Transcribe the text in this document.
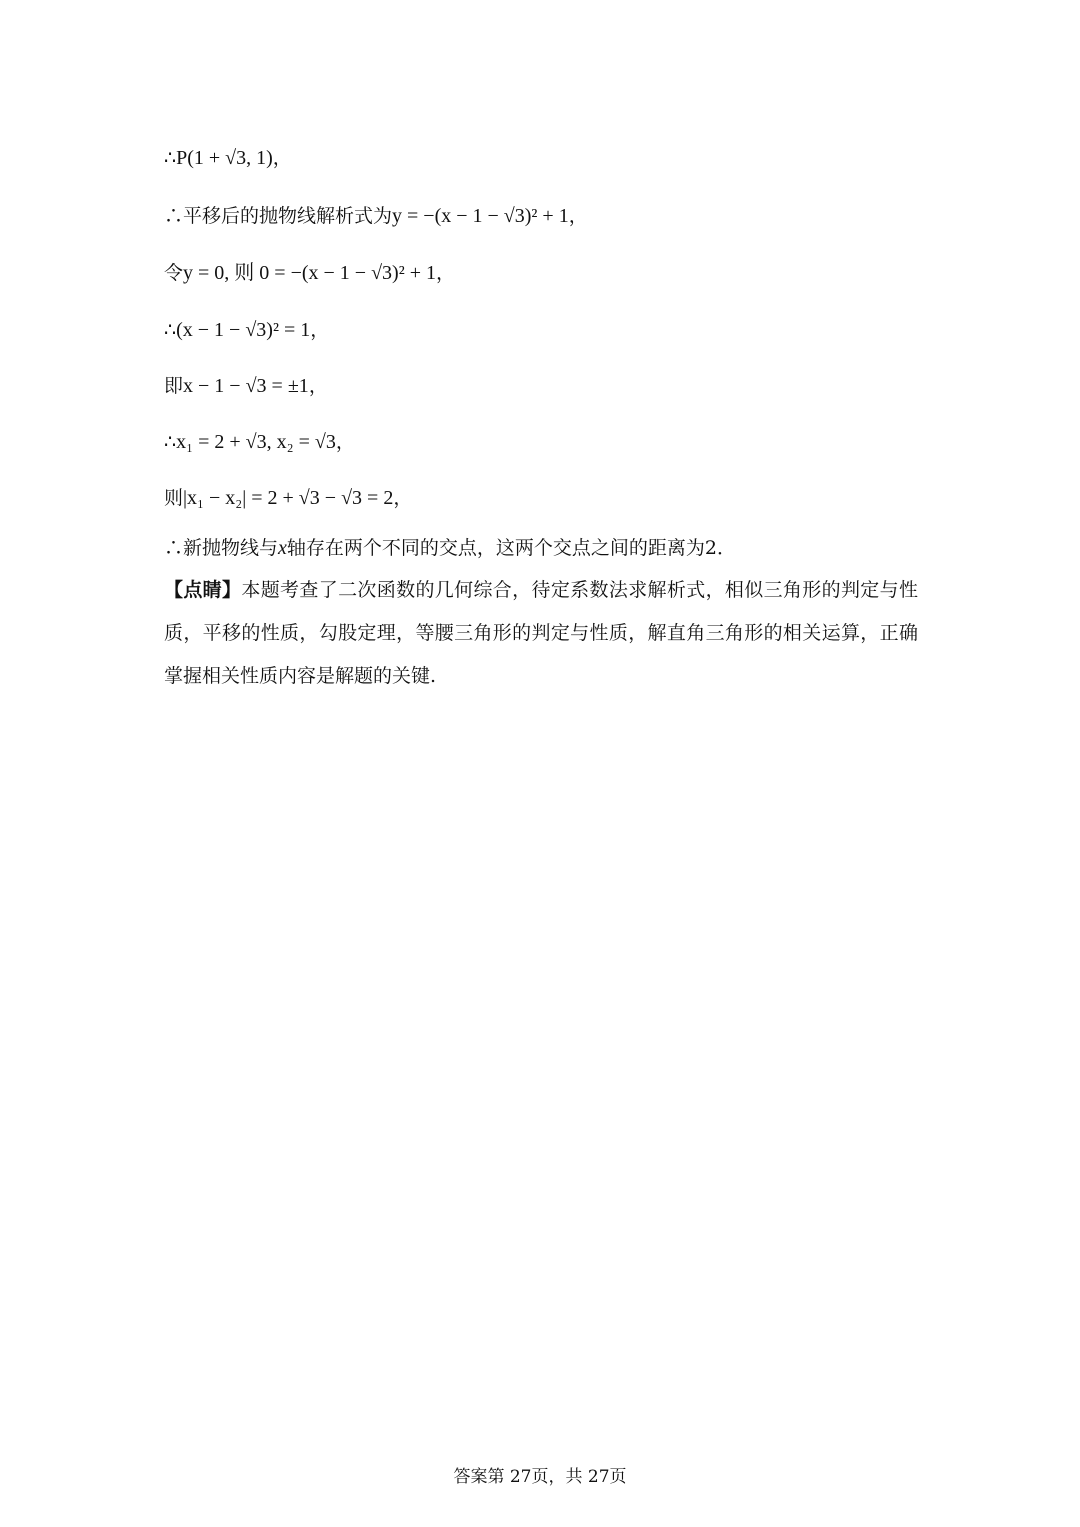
∴P(1 + √3, 1)，
∴平移后的抛物线解析式为y = −(x − 1 − √3)² + 1，
令y = 0, 则 0 = −(x − 1 − √3)² + 1，
∴(x − 1 − √3)² = 1，
即x − 1 − √3 = ±1，
∴x₁ = 2 + √3, x₂ = √3，
则|x₁ − x₂| = 2 + √3 − √3 = 2，
∴新抛物线与x轴存在两个不同的交点，这两个交点之间的距离为2．
【点睛】本题考查了二次函数的几何综合，待定系数法求解析式，相似三角形的判定与性质，平移的性质，勾股定理，等腰三角形的判定与性质，解直角三角形的相关运算，正确掌握相关性质内容是解题的关键.
答案第 27页，共 27页
